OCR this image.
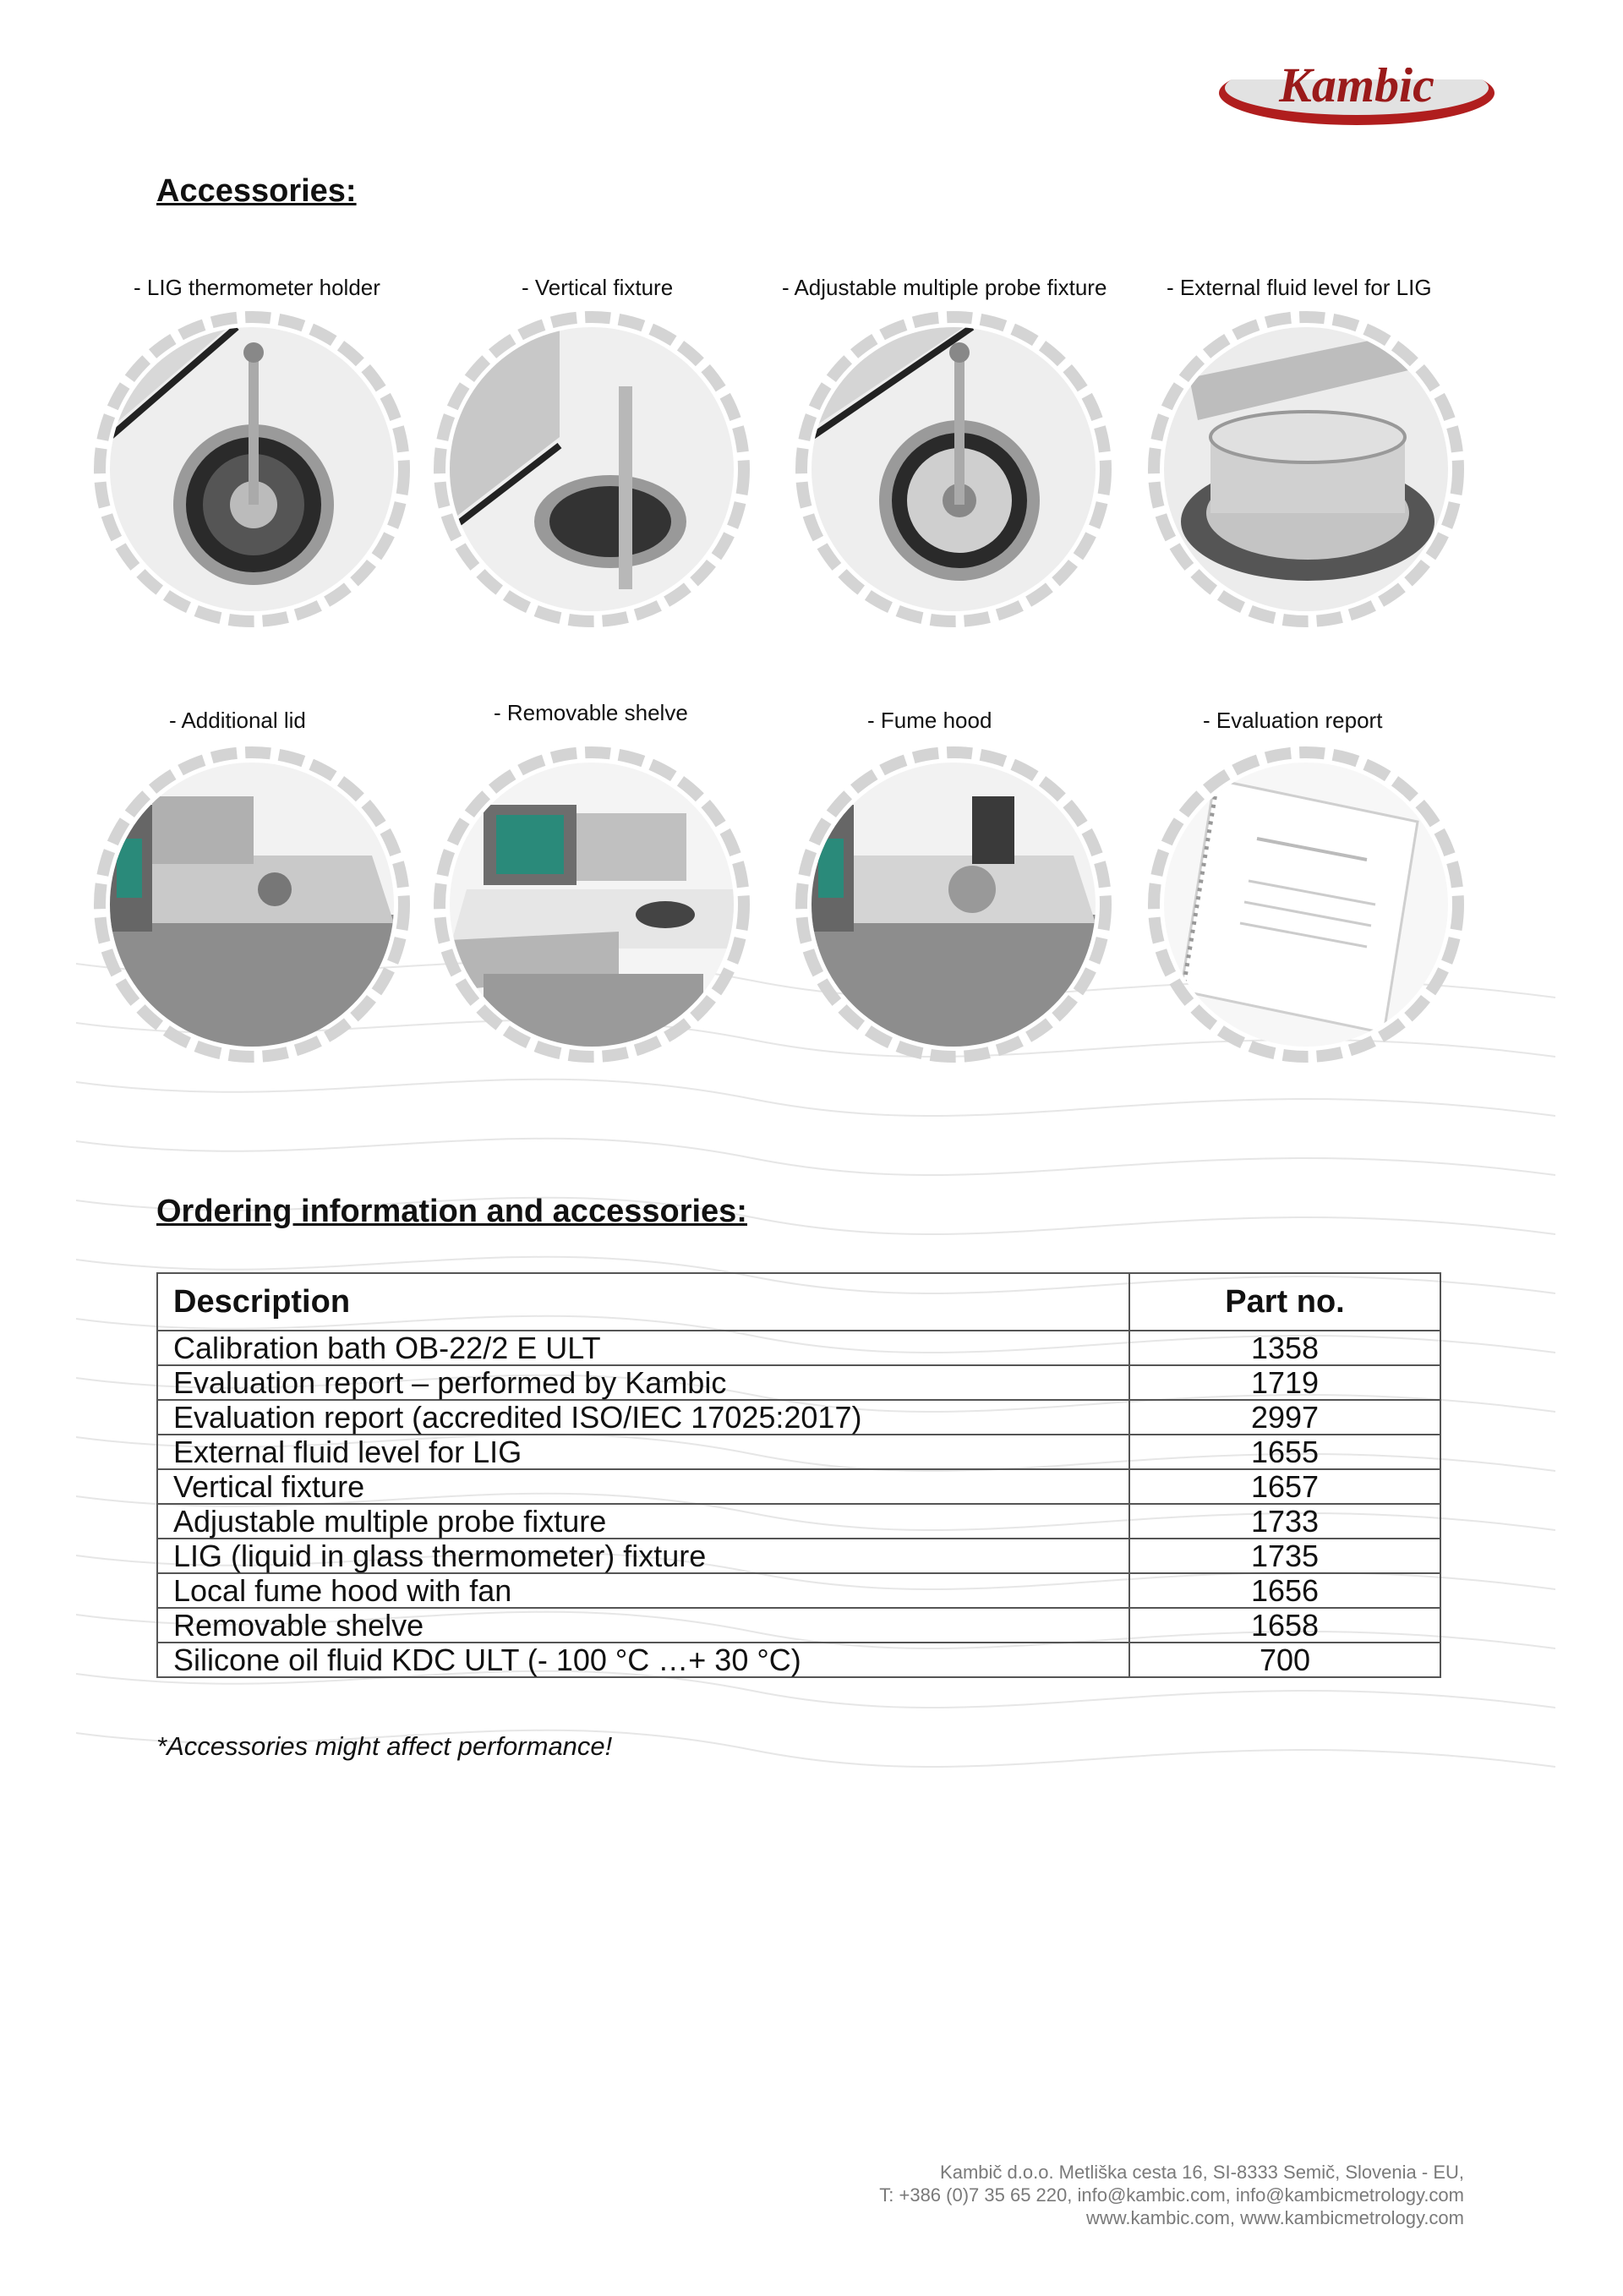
Kambic
Accessories:
- LIG thermometer holder	- Vertical fixture	- Adjustable multiple probe fixture	- External fluid level for LIG
- Additional lid	- Removable shelve	- Fume hood	- Evaluation report
Ordering information and accessories:
Description	Part no.
Calibration bath OB-22/2 E ULT	1358
Evaluation report – performed by Kambic	1719
Evaluation report (accredited ISO/IEC 17025:2017)	2997
External fluid level for LIG	1655
Vertical fixture	1657
Adjustable multiple probe fixture	1733
LIG (liquid in glass thermometer) fixture	1735
Local fume hood with fan	1656
Removable shelve	1658
Silicone oil fluid KDC ULT (- 100 °C …+ 30 °C)	700
*Accessories might affect performance!
Kambič d.o.o. Metliška cesta 16, SI-8333 Semič, Slovenia - EU,
T: +386 (0)7 35 65 220, info@kambic.com, info@kambicmetrology.com
www.kambic.com, www.kambicmetrology.com
